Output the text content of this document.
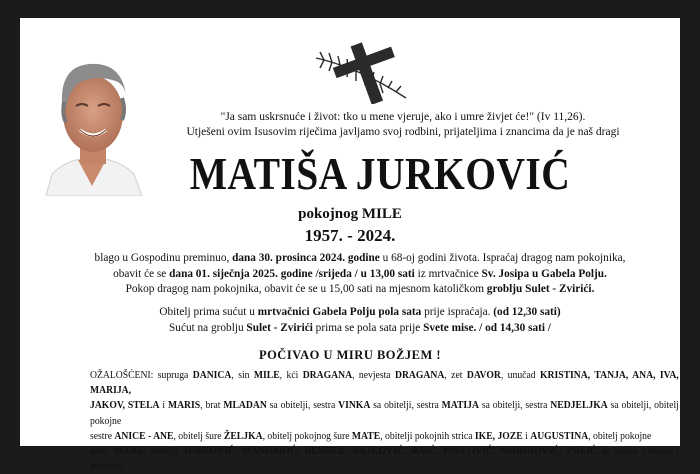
"Ja sam uskrsnuće i život: tko u mene vjeruje, ako i umre živjet će!" (Iv 11,26).
Utješeni ovim Isusovim riječima javljamo svoj rodbini, prijateljima i znancima da je naš dragi
MATIŠA JURKOVIĆ
pokojnog MILE
1957. - 2024.
blago u Gospodinu preminuo, dana 30. prosinca 2024. godine u 68-oj godini života. Ispraćaj dragog nam pokojnika,
obavit će se dana 01. siječnja 2025. godine /srijeda / u 13,00 sati iz mrtvačnice Sv. Josipa u Gabela Polju.
Pokop dragog nam pokojnika, obavit će se u 15,00 sati na mjesnom katoličkom groblju Sulet - Zvirići.
Obitelj prima sućut u mrtvačnici Gabela Polju pola sata prije ispraćaja. (od 12,30 sati)
Sućut na groblju Sulet - Zvirići prima se pola sata prije Svete mise. / od 14,30 sati /
POČIVAO U MIRU BOŽJEM !
OŽALOŠĆENI: supruga DANICA, sin MILE, kći DRAGANA, nevjesta DRAGANA, zet DAVOR, unučad KRISTINA, TANJA, ANA, IVA, MARIJA,
JAKOV, STELA i MARIS, brat MLADAN sa obitelji, sestra VINKA sa obitelji, sestra MATIJA sa obitelji, sestra NEDJELJKA sa obitelji, obitelj pokojne
sestre ANICE - ANE, obitelj šure ŽELJKA, obitelj pokojnog šure MATE, obitelji pokojnih strica IKE, JOZE i AUGUSTINA, obitelj pokojne
tetke MARE, obitelji JURKOVIĆ, MANDARIĆ, BENDER, RAJKOVIĆ, RAIĆ, PAVLOVIĆ, MARINOVIĆ, PRLIĆ te ostala rodbina i prijatelji.
